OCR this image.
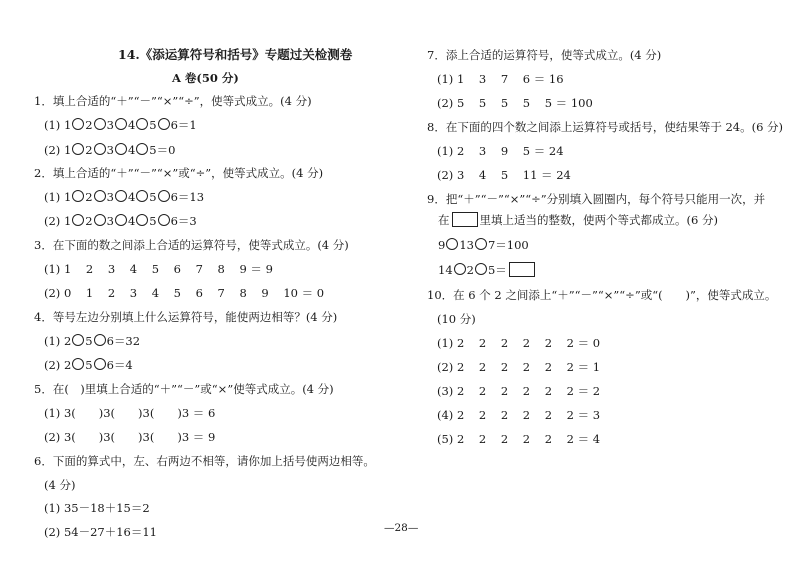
14.《添运算符号和括号》专题过关检测卷
A 卷(50 分)
1．填上合适的“＋”“－”“×”“÷”，使等式成立。(4 分)
(1) 1 2 3 4 5 6＝1
(2) 1 2 3 4 5＝0
2．填上合适的“＋”“－”“×”或“÷”，使等式成立。(4 分)
(1) 1 2 3 4 5 6＝13
(2) 1 2 3 4 5 6＝3
3．在下面的数之间添上合适的运算符号，使等式成立。(4 分)
(1) 1    2    3    4    5    6    7    8    9 ＝ 9
(2) 0    1    2    3    4    5    6    7    8    9    10 ＝ 0
4．等号左边分别填上什么运算符号，能使两边相等？(4 分)
(1) 2 5 6＝32
(2) 2 5 6＝4
5．在(　)里填上合适的“＋”“－”或“×”使等式成立。(4 分)
(1) 3(　　)3(　　)3(　　)3 ＝ 6
(2) 3(　　)3(　　)3(　　)3 ＝ 9
6．下面的算式中，左、右两边不相等，请你加上括号使两边相等。
(4 分)
(1) 35－18＋15＝2
(2) 54－27＋16＝11
7．添上合适的运算符号，使等式成立。(4 分)
(1) 1    3    7    6 ＝ 16
(2) 5    5    5    5    5 ＝ 100
8．在下面的四个数之间添上运算符号或括号，使结果等于 24。(6 分)
(1) 2    3    9    5 ＝ 24
(2) 3    4    5    11 ＝ 24
9．把“＋”“－”“×”“÷”分别填入圆圈内，每个符号只能用一次，并
在	里填上适当的整数，使两个等式都成立。(6 分)
9 13 7＝100
14 2 5＝
10．在 6 个 2 之间添上“＋”“－”“×”“÷”或“(　　)”，使等式成立。
(10 分)
(1) 2    2    2    2    2    2 ＝ 0
(2) 2    2    2    2    2    2 ＝ 1
(3) 2    2    2    2    2    2 ＝ 2
(4) 2    2    2    2    2    2 ＝ 3
(5) 2    2    2    2    2    2 ＝ 4
—28—
